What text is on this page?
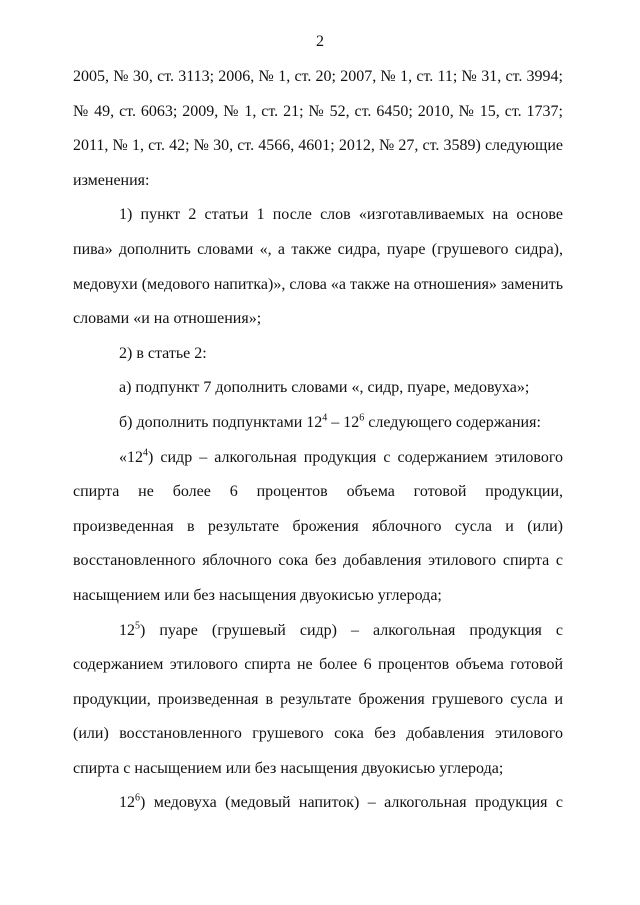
2

2005, № 30, ст. 3113; 2006, № 1, ст. 20; 2007, № 1, ст. 11; № 31, ст. 3994; № 49, ст. 6063; 2009, № 1, ст. 21; № 52, ст. 6450; 2010, № 15, ст. 1737; 2011, № 1, ст. 42; № 30, ст. 4566, 4601; 2012, № 27, ст. 3589) следующие изменения:

1) пункт 2 статьи 1 после слов «изготавливаемых на основе пива» дополнить словами «, а также сидра, пуаре (грушевого сидра), медовухи (медового напитка)», слова «а также на отношения» заменить словами «и на отношения»;

2) в статье 2:

а) подпункт 7 дополнить словами «, сидр, пуаре, медовуха»;

б) дополнить подпунктами $12^4 - 12^6$ следующего содержания:

«$12^4$) сидр – алкогольная продукция с содержанием этилового спирта не более 6 процентов объема готовой продукции, произведенная в результате брожения яблочного сусла и (или) восстановленного яблочного сока без добавления этилового спирта с насыщением или без насыщения двуокисью углерода;

$12^5$) пуаре (грушевый сидр) – алкогольная продукция с содержанием этилового спирта не более 6 процентов объема готовой продукции, произведенная в результате брожения грушевого сусла и (или) восстановленного грушевого сока без добавления этилового спирта с насыщением или без насыщения двуокисью углерода;

$12^6$) медовуха (медовый напиток) – алкогольная продукция с
